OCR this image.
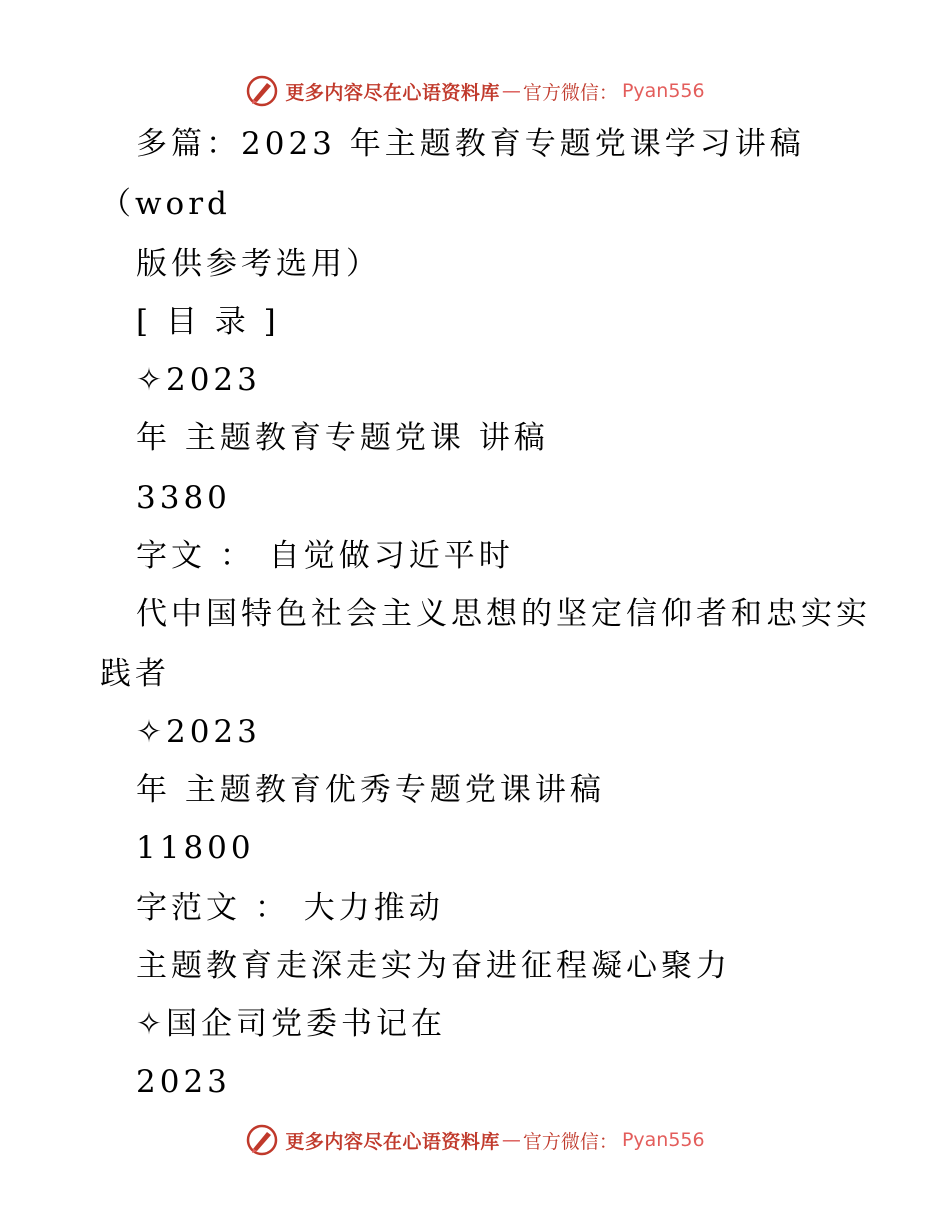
更多内容尽在心语资料库 — 官方微信： Pyan556
多篇：2023 年主题教育专题党课学习讲稿
（word
版供参考选用）
[ 目 录 ]
✧2023
年 主题教育专题党课 讲稿
3380
字文 ： 自觉做习近平时
代中国特色社会主义思想的坚定信仰者和忠实实
践者
✧2023
年 主题教育优秀专题党课讲稿
11800
字范文 ： 大力推动
主题教育走深走实为奋进征程凝心聚力
✧国企司党委书记在
2023
更多内容尽在心语资料库 — 官方微信： Pyan556
